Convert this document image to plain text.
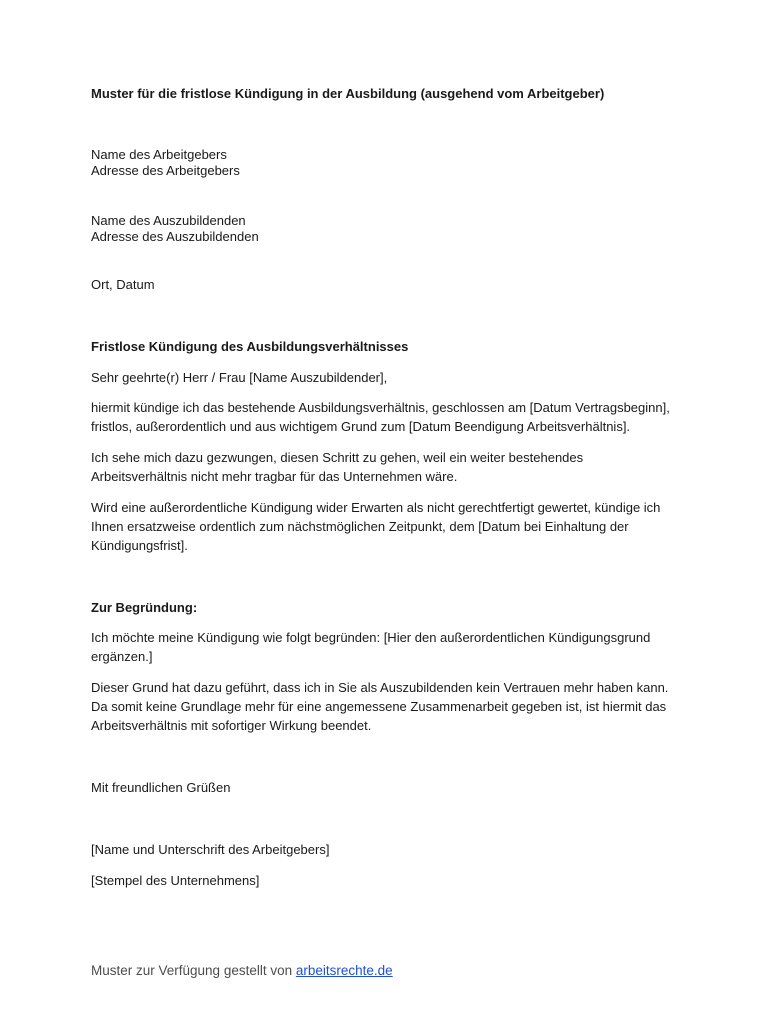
Muster für die fristlose Kündigung in der Ausbildung (ausgehend vom Arbeitgeber)
Name des Arbeitgebers
Adresse des Arbeitgebers
Name des Auszubildenden
Adresse des Auszubildenden
Ort, Datum
Fristlose Kündigung des Ausbildungsverhältnisses
Sehr geehrte(r) Herr / Frau [Name Auszubildender],
hiermit kündige ich das bestehende Ausbildungsverhältnis, geschlossen am [Datum Vertragsbeginn],
fristlos, außerordentlich und aus wichtigem Grund zum [Datum Beendigung Arbeitsverhältnis].
Ich sehe mich dazu gezwungen, diesen Schritt zu gehen, weil ein weiter bestehendes
Arbeitsverhältnis nicht mehr tragbar für das Unternehmen wäre.
Wird eine außerordentliche Kündigung wider Erwarten als nicht gerechtfertigt gewertet, kündige ich
Ihnen ersatzweise ordentlich zum nächstmöglichen Zeitpunkt, dem [Datum bei Einhaltung der
Kündigungsfrist].
Zur Begründung:
Ich möchte meine Kündigung wie folgt begründen: [Hier den außerordentlichen Kündigungsgrund
ergänzen.]
Dieser Grund hat dazu geführt, dass ich in Sie als Auszubildenden kein Vertrauen mehr haben kann.
Da somit keine Grundlage mehr für eine angemessene Zusammenarbeit gegeben ist, ist hiermit das
Arbeitsverhältnis mit sofortiger Wirkung beendet.
Mit freundlichen Grüßen
[Name und Unterschrift des Arbeitgebers]
[Stempel des Unternehmens]
Muster zur Verfügung gestellt von arbeitsrechte.de
